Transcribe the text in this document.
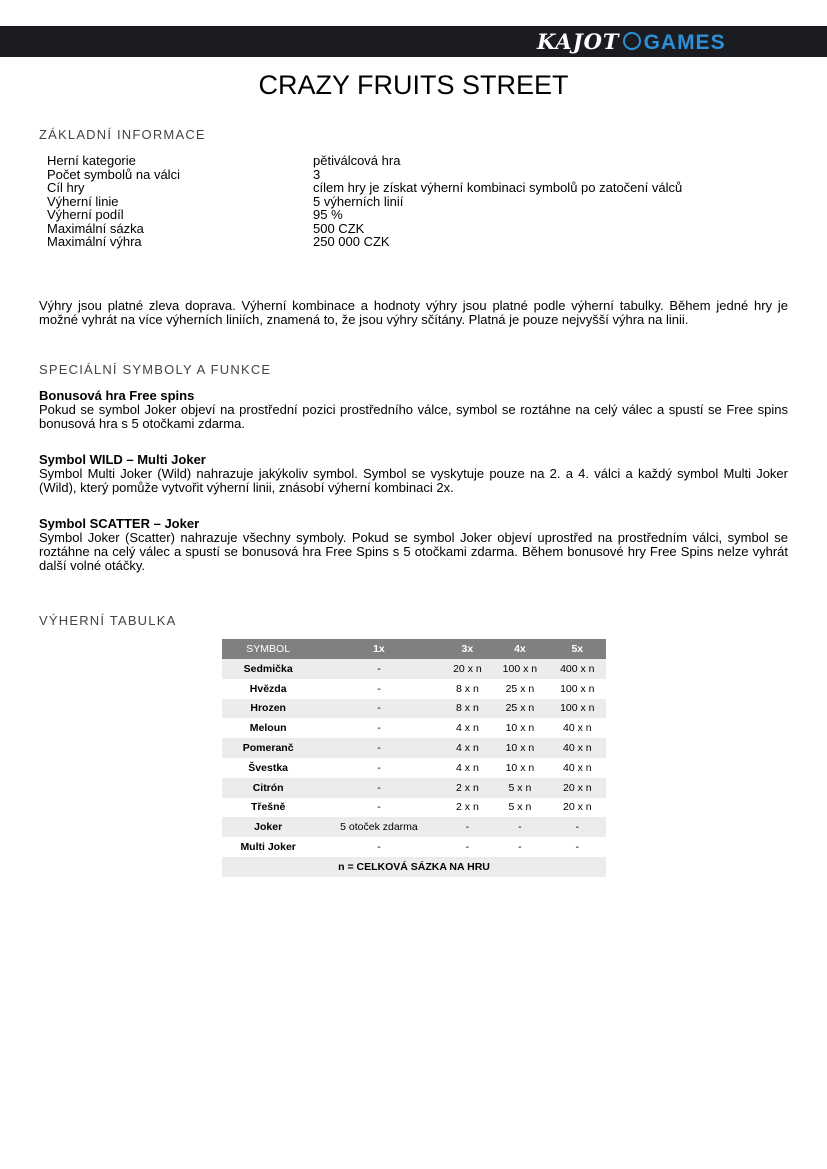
KAJOT GAMES
CRAZY FRUITS STREET
ZÁKLADNÍ INFORMACE
Herní kategorie	pětiválcová hra
Počet symbolů na válci	3
Cíl hry	cílem hry je získat výherní kombinaci symbolů po zatočení válců
Výherní linie	5 výherních linií
Výherní podíl	95 %
Maximální sázka	500 CZK
Maximální výhra	250 000 CZK
Výhry jsou platné zleva doprava. Výherní kombinace a hodnoty výhry jsou platné podle výherní tabulky. Během jedné hry je možné vyhrát na více výherních liniích, znamená to, že jsou výhry sčítány. Platná je pouze nejvyšší výhra na linii.
SPECIÁLNÍ SYMBOLY A FUNKCE
Bonusová hra Free spins
Pokud se symbol Joker objeví na prostřední pozici prostředního válce, symbol se roztáhne na celý válec a spustí se Free spins bonusová hra s 5 otočkami zdarma.
Symbol WILD – Multi Joker
Symbol Multi Joker (Wild) nahrazuje jakýkoliv symbol. Symbol se vyskytuje pouze na 2. a 4. válci a každý symbol Multi Joker (Wild), který pomůže vytvořit výherní linii, znásobí výherní kombinaci 2x.
Symbol SCATTER – Joker
Symbol Joker (Scatter) nahrazuje všechny symboly. Pokud se symbol Joker objeví uprostřed na prostředním válci, symbol se roztáhne na celý válec a spustí se bonusová hra Free Spins s 5 otočkami zdarma. Během bonusové hry Free Spins nelze vyhrát další volné otáčky.
VÝHERNÍ TABULKA
SYMBOL	1x	3x	4x	5x
Sedmička	-	20 x n	100 x n	400 x n
Hvězda	-	8 x n	25 x n	100 x n
Hrozen	-	8 x n	25 x n	100 x n
Meloun	-	4 x n	10 x n	40 x n
Pomeranč	-	4 x n	10 x n	40 x n
Švestka	-	4 x n	10 x n	40 x n
Citrón	-	2 x n	5 x n	20 x n
Třešně	-	2 x n	5 x n	20 x n
Joker	5 otoček zdarma	-	-	-
Multi Joker	-	-	-	-
n = CELKOVÁ SÁZKA NA HRU				
